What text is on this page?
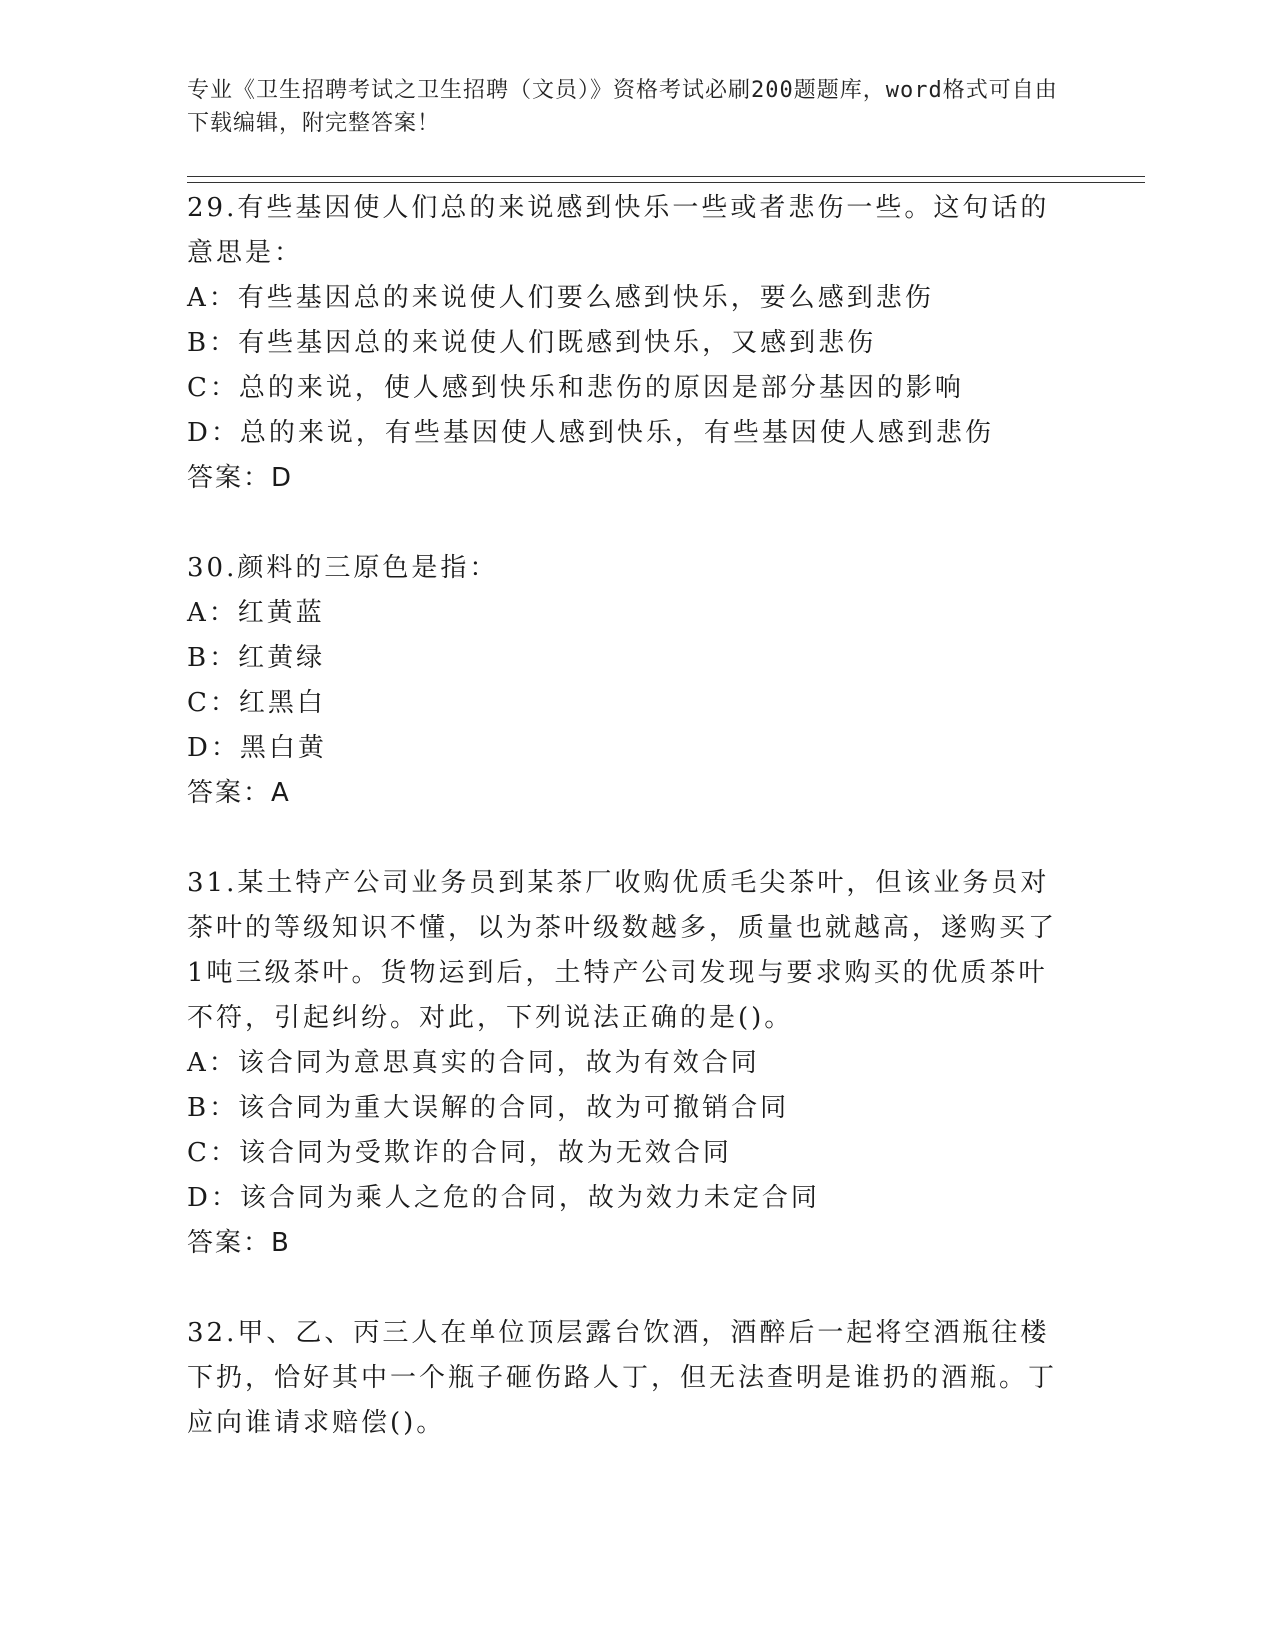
专业《卫生招聘考试之卫生招聘（文员）》资格考试必刷200题题库，word格式可自由下载编辑，附完整答案！

29.有些基因使人们总的来说感到快乐一些或者悲伤一些。这句话的意思是：

A：有些基因总的来说使人们要么感到快乐，要么感到悲伤

B：有些基因总的来说使人们既感到快乐，又感到悲伤

C：总的来说，使人感到快乐和悲伤的原因是部分基因的影响

D：总的来说，有些基因使人感到快乐，有些基因使人感到悲伤

答案：D

30.颜料的三原色是指：

A：红黄蓝

B：红黄绿

C：红黑白

D：黑白黄

答案：A

31.某土特产公司业务员到某茶厂收购优质毛尖茶叶，但该业务员对茶叶的等级知识不懂，以为茶叶级数越多，质量也就越高，遂购买了1吨三级茶叶。货物运到后，土特产公司发现与要求购买的优质茶叶不符，引起纠纷。对此，下列说法正确的是()。

A：该合同为意思真实的合同，故为有效合同

B：该合同为重大误解的合同，故为可撤销合同

C：该合同为受欺诈的合同，故为无效合同

D：该合同为乘人之危的合同，故为效力未定合同

答案：B

32.甲、乙、丙三人在单位顶层露台饮酒，酒醉后一起将空酒瓶往楼下扔，恰好其中一个瓶子砸伤路人丁，但无法查明是谁扔的酒瓶。丁应向谁请求赔偿()。
